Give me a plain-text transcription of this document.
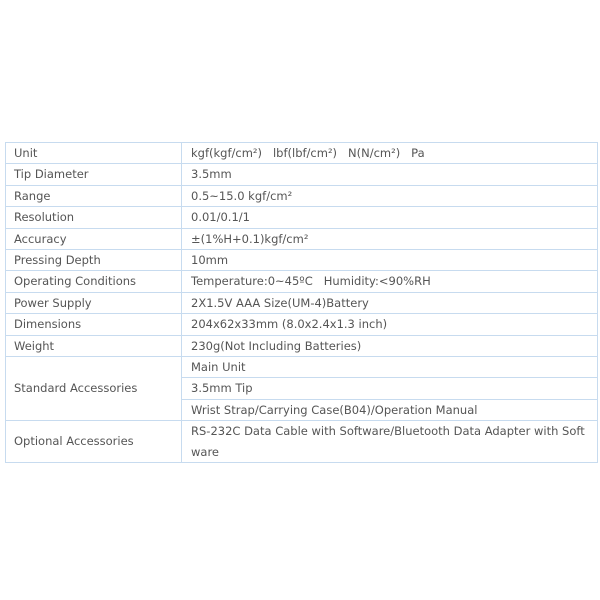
Unit	kgf(kgf/cm²)   lbf(lbf/cm²)   N(N/cm²)   Pa
Tip Diameter	3.5mm
Range	0.5~15.0 kgf/cm²
Resolution	0.01/0.1/1
Accuracy	±(1%H+0.1)kgf/cm²
Pressing Depth	10mm
Operating Conditions	Temperature:0~45ºC   Humidity:<90%RH
Power Supply	2X1.5V AAA Size(UM-4)Battery
Dimensions	204x62x33mm (8.0x2.4x1.3 inch)
Weight	230g(Not Including Batteries)
Standard Accessories	Main Unit
	3.5mm Tip
	Wrist Strap/Carrying Case(B04)/Operation Manual
Optional Accessories	RS-232C Data Cable with Software/Bluetooth Data Adapter with Software
